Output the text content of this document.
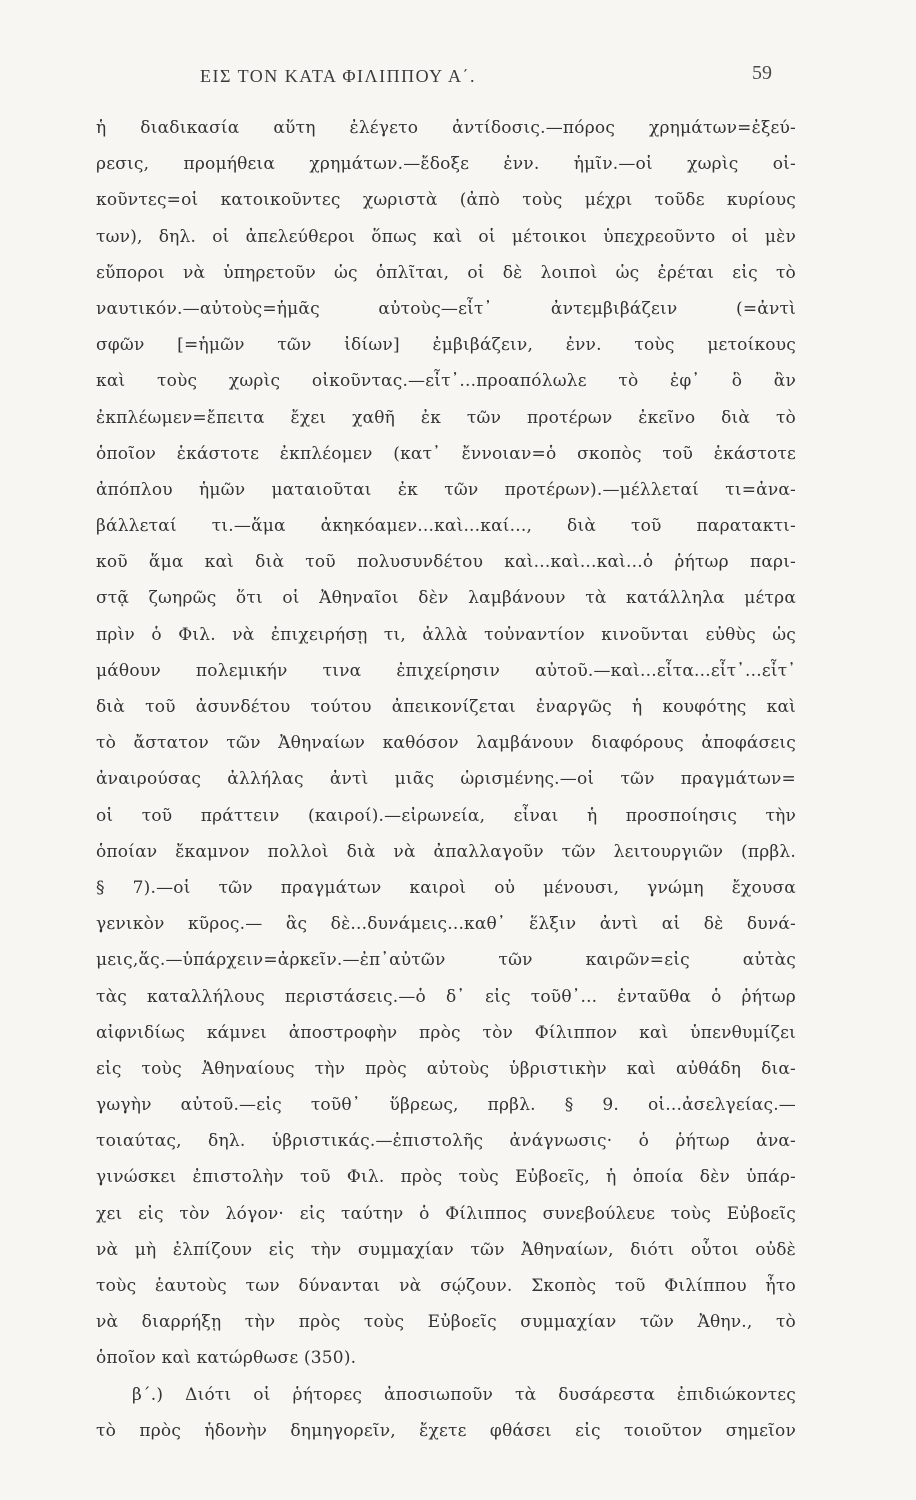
ΕΙΣ ΤΟΝ ΚΑΤΑ ΦΙΛΙΠΠΟΥ Α΄.	59
ἡ διαδικασία αὕτη ἐλέγετο ἀντίδοσις.—πόρος χρημάτων=ἐξεύ-
ρεσις, προμήθεια χρημάτων.—ἔδοξε ἐνν. ἡμῖν.—οἱ χωρὶς οἰ-
κοῦντες=οἱ κατοικοῦντες χωριστὰ (ἀπὸ τοὺς μέχρι τοῦδε κυρίους
των), δηλ. οἱ ἀπελεύθεροι ὅπως καὶ οἱ μέτοικοι ὑπεχρεοῦντο οἱ μὲν
εὔποροι νὰ ὑπηρετοῦν ὡς ὁπλῖται, οἱ δὲ λοιποὶ ὡς ἐρέται εἰς τὸ
ναυτικόν.—αὐτοὺς=ἡμᾶς αὐτοὺς—εἶτ᾿ ἀντεμβιβάζειν (=ἀντὶ
σφῶν [=ἡμῶν τῶν ἰδίων] ἐμβιβάζειν, ἐνν. τοὺς μετοίκους
καὶ τοὺς χωρὶς οἰκοῦντας.—εἶτ᾿...προαπόλωλε τὸ ἐφ᾿ ὃ ἂν
ἐκπλέωμεν=ἔπειτα ἔχει χαθῆ ἐκ τῶν προτέρων ἐκεῖνο διὰ τὸ
ὁποῖον ἑκάστοτε ἐκπλέομεν (κατ᾿ ἔννοιαν=ὁ σκοπὸς τοῦ ἑκάστοτε
ἀπόπλου ἡμῶν ματαιοῦται ἐκ τῶν προτέρων).—μέλλεταί τι=ἀνα-
βάλλεταί τι.—ἅμα ἀκηκόαμεν...καὶ...καί..., διὰ τοῦ παρατακτι-
κοῦ ἅμα καὶ διὰ τοῦ πολυσυνδέτου καὶ...καὶ...καὶ...ὁ ῥήτωρ παρι-
στᾷ ζωηρῶς ὅτι οἱ Ἀθηναῖοι δὲν λαμβάνουν τὰ κατάλληλα μέτρα
πρὶν ὁ Φιλ. νὰ ἐπιχειρήσῃ τι, ἀλλὰ τοὐναντίον κινοῦνται εὐθὺς ὡς
μάθουν πολεμικήν τινα ἐπιχείρησιν αὐτοῦ.—καὶ...εἶτα...εἶτ᾿...εἶτ᾿
διὰ τοῦ ἀσυνδέτου τούτου ἀπεικονίζεται ἐναργῶς ἡ κουφότης καὶ
τὸ ἄστατον τῶν Ἀθηναίων καθόσον λαμβάνουν διαφόρους ἀποφάσεις
ἀναιρούσας ἀλλήλας ἀντὶ μιᾶς ὡρισμένης.—οἱ τῶν πραγμάτων=
οἱ τοῦ πράττειν (καιροί).—εἰρωνεία, εἶναι ἡ προσποίησις τὴν
ὁποίαν ἔκαμνον πολλοὶ διὰ νὰ ἀπαλλαγοῦν τῶν λειτουργιῶν (πρβλ.
§ 7).—οἱ τῶν πραγμάτων καιροὶ οὐ μένουσι, γνώμη ἔχουσα
γενικὸν κῦρος.— ἃς δὲ...δυνάμεις...καθ᾿ ἕλξιν ἀντὶ αἱ δὲ δυνά-
μεις,ἅς.—ὑπάρχειν=ἀρκεῖν.—ἐπ᾿αὐτῶν τῶν καιρῶν=εἰς αὐτὰς
τὰς καταλλήλους περιστάσεις.—ὁ δ᾿ εἰς τοῦθ᾿... ἐνταῦθα ὁ ῥήτωρ
αἰφνιδίως κάμνει ἀποστροφὴν πρὸς τὸν Φίλιππον καὶ ὑπενθυμίζει
εἰς τοὺς Ἀθηναίους τὴν πρὸς αὐτοὺς ὑβριστικὴν καὶ αὐθάδη δια-
γωγὴν αὐτοῦ.—εἰς τοῦθ᾿ ὕβρεως, πρβλ. § 9. οἱ...ἀσελγείας.—
τοιαύτας, δηλ. ὑβριστικάς.—ἐπιστολῆς ἀνάγνωσις· ὁ ῥήτωρ ἀνα-
γινώσκει ἐπιστολὴν τοῦ Φιλ. πρὸς τοὺς Εὐβοεῖς, ἡ ὁποία δὲν ὑπάρ-
χει εἰς τὸν λόγον· εἰς ταύτην ὁ Φίλιππος συνεβούλευε τοὺς Εὐβοεῖς
νὰ μὴ ἐλπίζουν εἰς τὴν συμμαχίαν τῶν Ἀθηναίων, διότι οὗτοι οὐδὲ
τοὺς ἑαυτοὺς των δύνανται νὰ σῴζουν. Σκοπὸς τοῦ Φιλίππου ἦτο
νὰ διαρρήξῃ τὴν πρὸς τοὺς Εὐβοεῖς συμμαχίαν τῶν Ἀθην., τὸ
ὁποῖον καὶ κατώρθωσε (350).
β΄.) Διότι οἱ ῥήτορες ἀποσιωποῦν τὰ δυσάρεστα ἐπιδιώκοντες
τὸ πρὸς ἡδονὴν δημηγορεῖν, ἔχετε φθάσει εἰς τοιοῦτον σημεῖον
